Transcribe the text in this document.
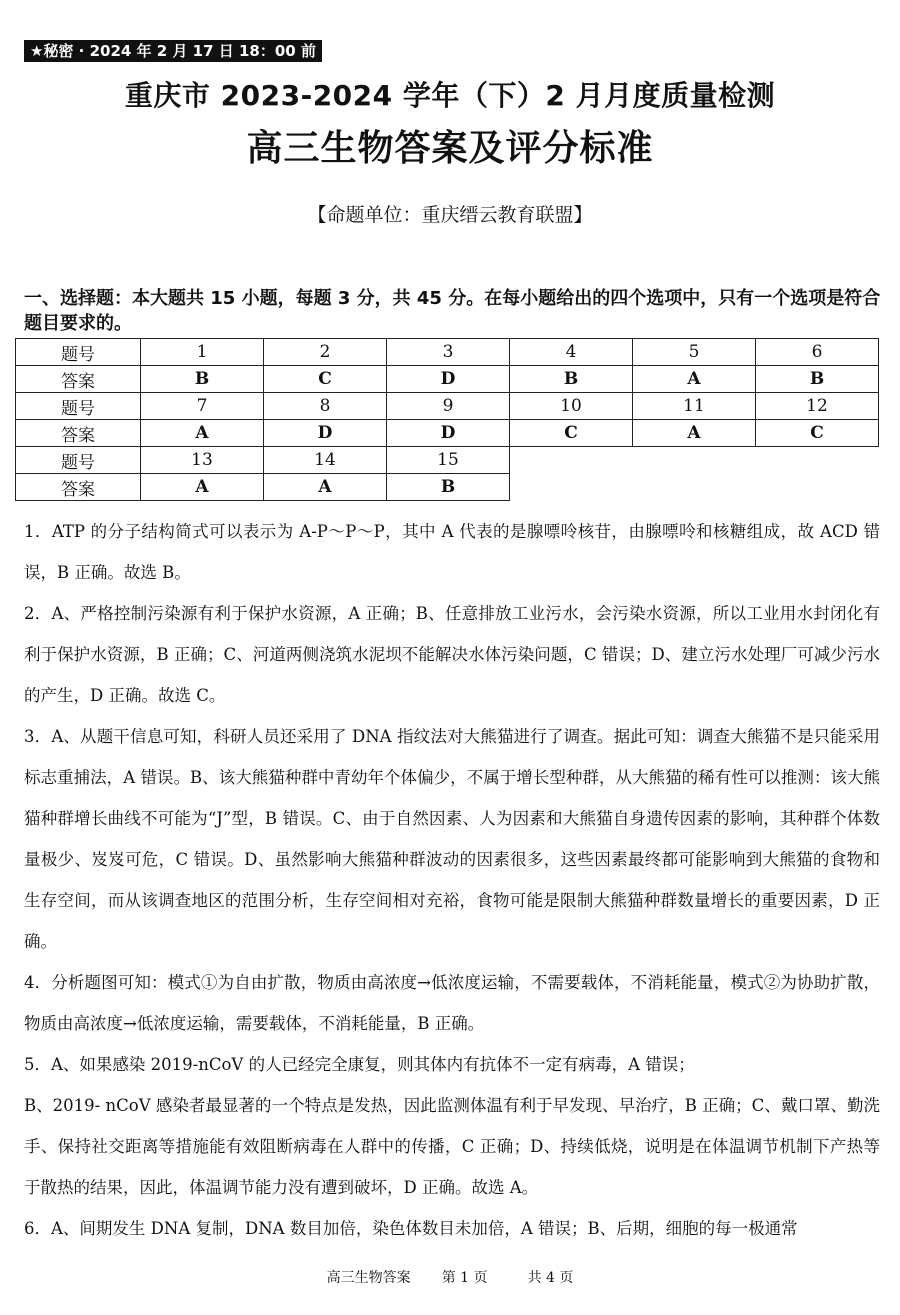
★秘密 · 2024 年 2 月 17 日 18：00 前
重庆市 2023-2024 学年（下）2 月月度质量检测
高三生物答案及评分标准
【命题单位：重庆缙云教育联盟】
一、选择题：本大题共 15 小题，每题 3 分，共 45 分。在每小题给出的四个选项中，只有一个选项是符合题目要求的。
题号	1	2	3	4	5	6
答案	B	C	D	B	A	B
题号	7	8	9	10	11	12
答案	A	D	D	C	A	C
题号	13	14	15			
答案	A	A	B			

1．ATP 的分子结构简式可以表示为 A-P～P～P，其中 A 代表的是腺嘌呤核苷，由腺嘌呤和核糖组成，故 ACD 错误，B 正确。故选 B。

2．A、严格控制污染源有利于保护水资源，A 正确；B、任意排放工业污水，会污染水资源，所以工业用水封闭化有利于保护水资源，B 正确；C、河道两侧浇筑水泥坝不能解决水体污染问题，C 错误；D、建立污水处理厂可减少污水的产生，D 正确。故选 C。

3．A、从题干信息可知，科研人员还采用了 DNA 指纹法对大熊猫进行了调查。据此可知：调查大熊猫不是只能采用标志重捕法，A 错误。B、该大熊猫种群中青幼年个体偏少，不属于增长型种群，从大熊猫的稀有性可以推测：该大熊猫种群增长曲线不可能为“J”型，B 错误。C、由于自然因素、人为因素和大熊猫自身遗传因素的影响，其种群个体数量极少、岌岌可危，C 错误。D、虽然影响大熊猫种群波动的因素很多，这些因素最终都可能影响到大熊猫的食物和生存空间，而从该调查地区的范围分析，生存空间相对充裕，食物可能是限制大熊猫种群数量增长的重要因素，D 正确。

4．分析题图可知：模式①为自由扩散，物质由高浓度→低浓度运输，不需要载体，不消耗能量，模式②为协助扩散，物质由高浓度→低浓度运输，需要载体，不消耗能量，B 正确。

5．A、如果感染 2019-nCoV 的人已经完全康复，则其体内有抗体不一定有病毒，A 错误；

B、2019- nCoV 感染者最显著的一个特点是发热，因此监测体温有利于早发现、早治疗，B 正确；C、戴口罩、勤洗手、保持社交距离等措施能有效阻断病毒在人群中的传播，C 正确；D、持续低烧，说明是在体温调节机制下产热等于散热的结果，因此，体温调节能力没有遭到破坏，D 正确。故选 A。

6．A、间期发生 DNA 复制，DNA 数目加倍，染色体数目未加倍，A 错误；B、后期，细胞的每一极通常

高三生物答案 第 1 页	共 4 页
